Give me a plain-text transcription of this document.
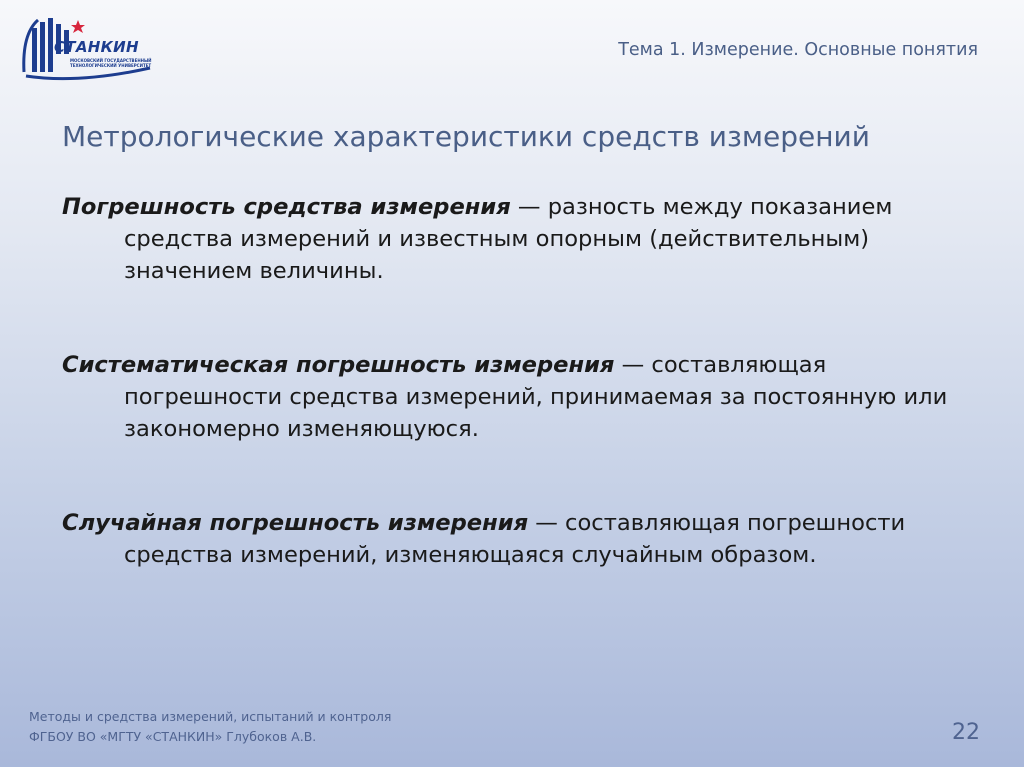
СТАНКИН
МОСКОВСКИЙ ГОСУДАРСТВЕННЫЙ
ТЕХНОЛОГИЧЕСКИЙ УНИВЕРСИТЕТ
Тема 1. Измерение. Основные понятия
Метрологические характеристики средств измерений

Погрешность средства измерения — разность между показанием средства измерений и известным опорным (действительным) значением величины.

Систематическая погрешность измерения — составляющая погрешности средства измерений, принимаемая за постоянную или закономерно изменяющуюся.

Случайная погрешность измерения — составляющая погрешности средства измерений, изменяющаяся случайным образом.

Методы и средства измерений, испытаний и контроля
ФГБОУ ВО «МГТУ «СТАНКИН» Глубоков А.В.	22
